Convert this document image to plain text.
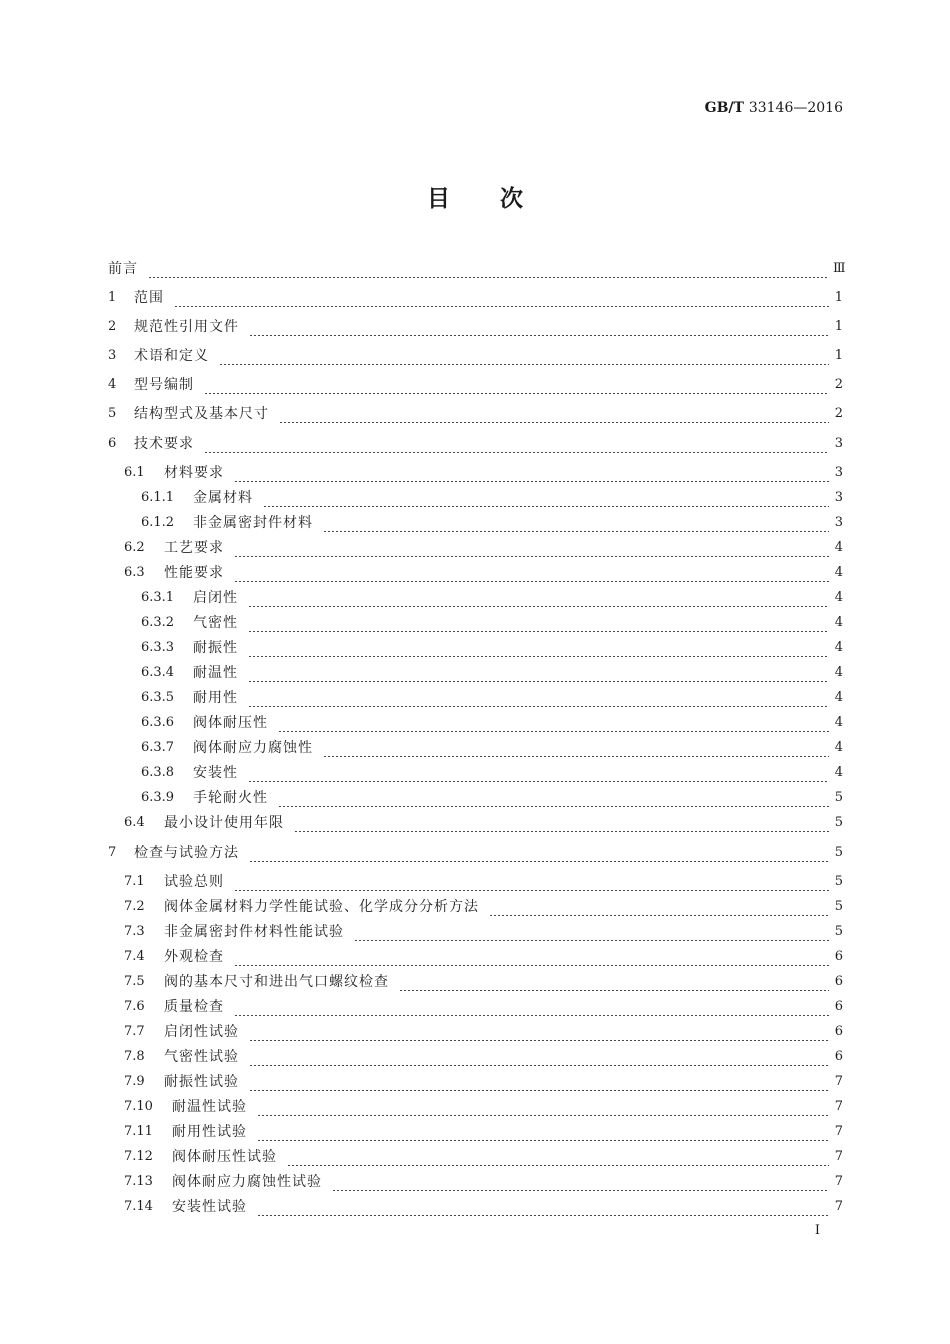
GB/T 33146—2016
目 次
前言	Ⅲ
1	范围	1
2	规范性引用文件	1
3	术语和定义	1
4	型号编制	2
5	结构型式及基本尺寸	2
6	技术要求	3
6.1	材料要求	3
6.1.1	金属材料	3
6.1.2	非金属密封件材料	3
6.2	工艺要求	4
6.3	性能要求	4
6.3.1	启闭性	4
6.3.2	气密性	4
6.3.3	耐振性	4
6.3.4	耐温性	4
6.3.5	耐用性	4
6.3.6	阀体耐压性	4
6.3.7	阀体耐应力腐蚀性	4
6.3.8	安装性	4
6.3.9	手轮耐火性	5
6.4	最小设计使用年限	5
7	检查与试验方法	5
7.1	试验总则	5
7.2	阀体金属材料力学性能试验、化学成分分析方法	5
7.3	非金属密封件材料性能试验	5
7.4	外观检查	6
7.5	阀的基本尺寸和进出气口螺纹检查	6
7.6	质量检查	6
7.7	启闭性试验	6
7.8	气密性试验	6
7.9	耐振性试验	7
7.10	耐温性试验	7
7.11	耐用性试验	7
7.12	阀体耐压性试验	7
7.13	阀体耐应力腐蚀性试验	7
7.14	安装性试验	7
I
